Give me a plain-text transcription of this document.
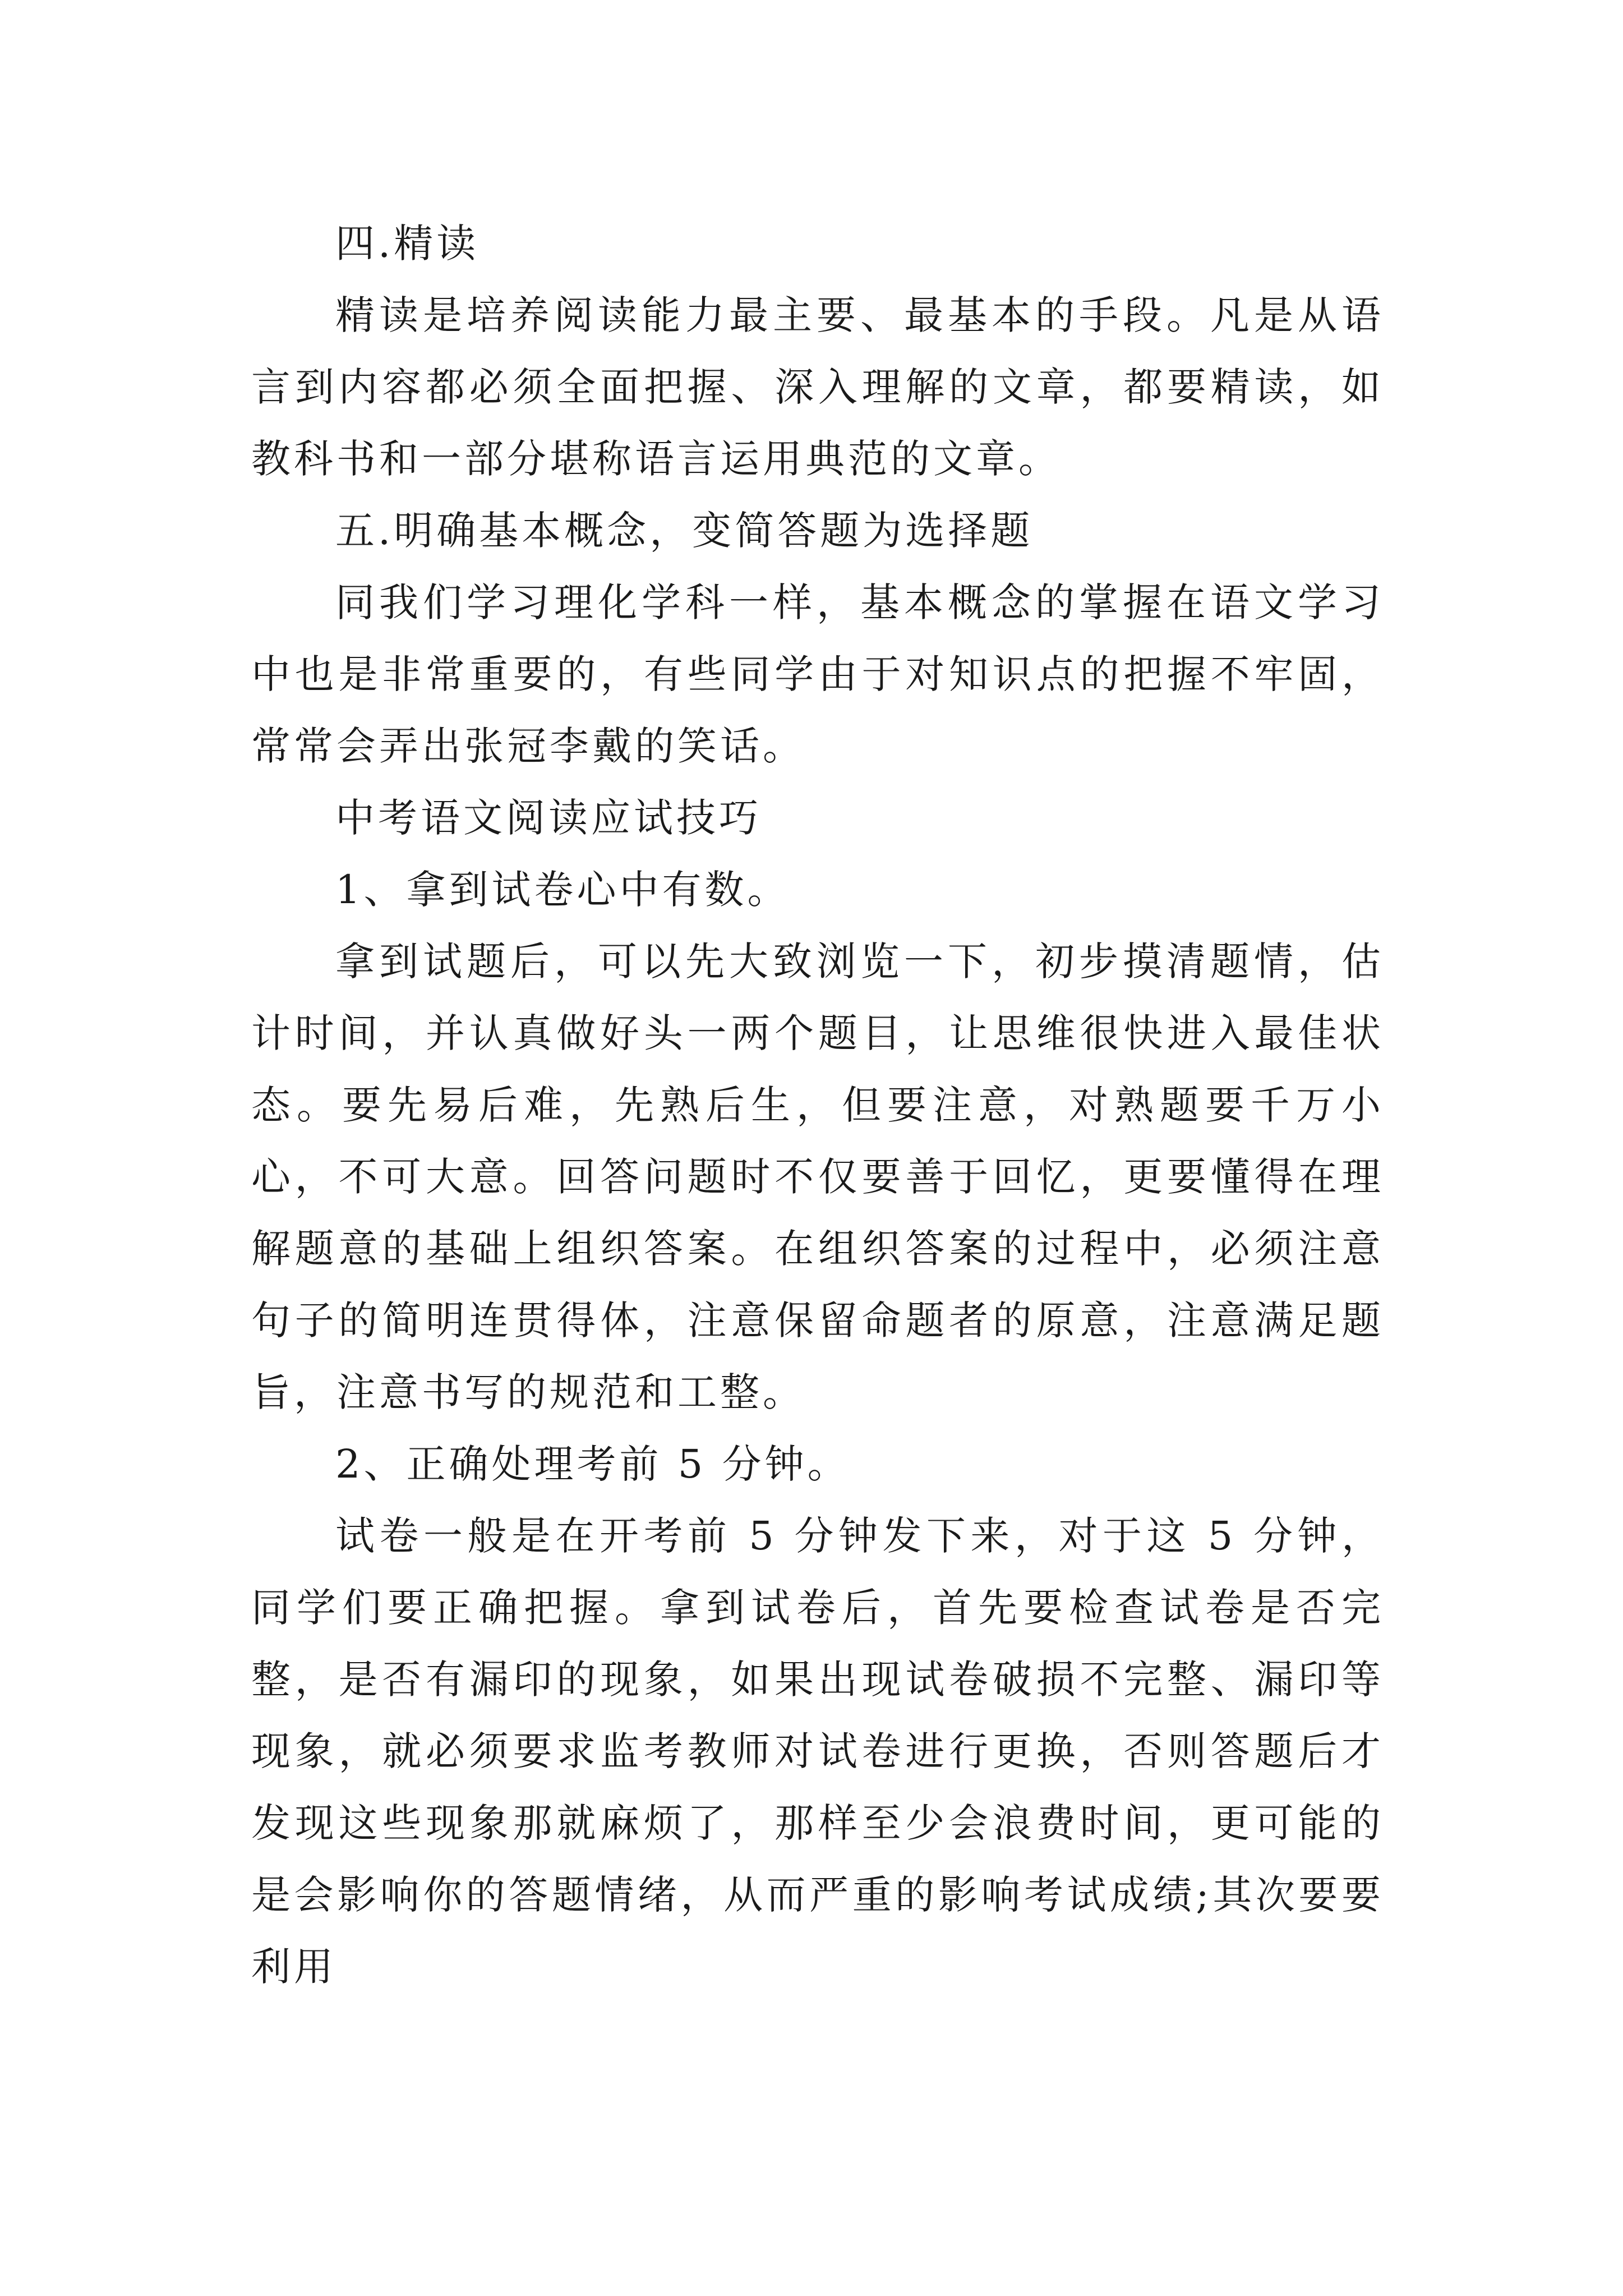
四.精读

精读是培养阅读能力最主要、最基本的手段。凡是从语言到内容都必须全面把握、深入理解的文章，都要精读，如教科书和一部分堪称语言运用典范的文章。

五.明确基本概念，变简答题为选择题

同我们学习理化学科一样，基本概念的掌握在语文学习中也是非常重要的，有些同学由于对知识点的把握不牢固，常常会弄出张冠李戴的笑话。

中考语文阅读应试技巧

1、拿到试卷心中有数。

拿到试题后，可以先大致浏览一下，初步摸清题情，估计时间，并认真做好头一两个题目，让思维很快进入最佳状态。要先易后难，先熟后生，但要注意，对熟题要千万小心，不可大意。回答问题时不仅要善于回忆，更要懂得在理解题意的基础上组织答案。在组织答案的过程中，必须注意句子的简明连贯得体，注意保留命题者的原意，注意满足题旨，注意书写的规范和工整。

2、正确处理考前 5 分钟。

试卷一般是在开考前 5 分钟发下来，对于这 5 分钟，同学们要正确把握。拿到试卷后，首先要检查试卷是否完整，是否有漏印的现象，如果出现试卷破损不完整、漏印等现象，就必须要求监考教师对试卷进行更换，否则答题后才发现这些现象那就麻烦了，那样至少会浪费时间，更可能的是会影响你的答题情绪，从而严重的影响考试成绩;其次要要利用
